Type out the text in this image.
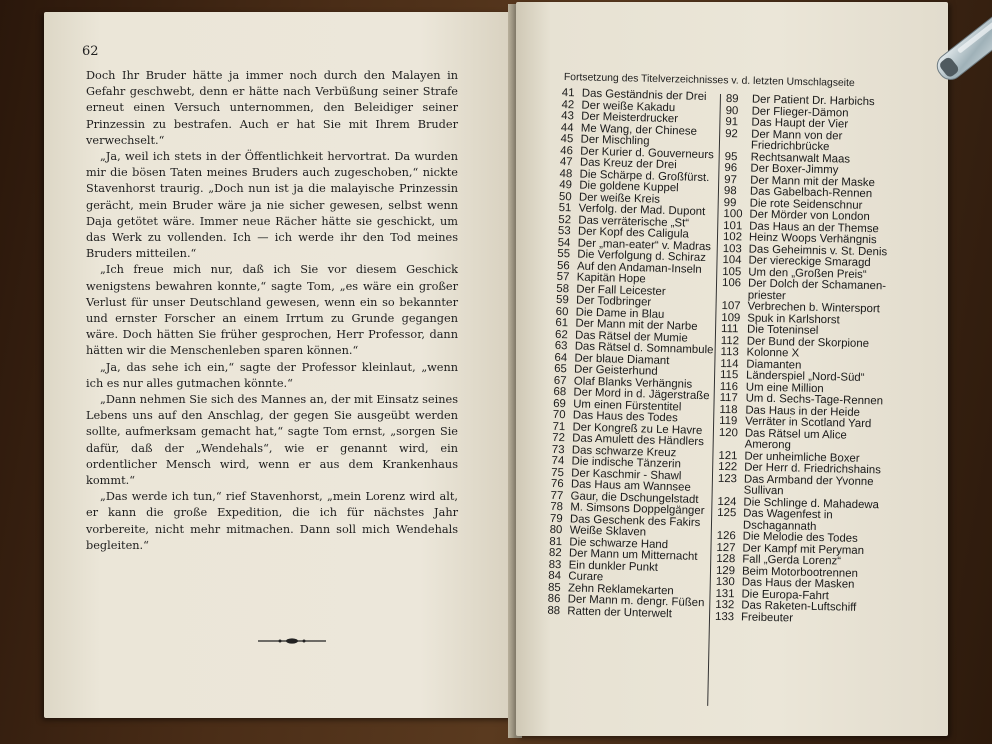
62

Doch Ihr Bruder hätte ja immer noch durch den Malayen in Gefahr geschwebt, denn er hätte nach Verbüßung seiner Strafe erneut einen Versuch unternommen, den Beleidiger seiner Prinzessin zu bestrafen. Auch er hat Sie mit Ihrem Bruder verwechselt.“

„Ja, weil ich stets in der Öffentlichkeit hervortrat. Da wurden mir die bösen Taten meines Bruders auch zugeschoben,“ nickte Stavenhorst traurig. „Doch nun ist ja die malayische Prinzessin gerächt, mein Bruder wäre ja nie sicher gewesen, selbst wenn Daja getötet wäre. Immer neue Rächer hätte sie geschickt, um das Werk zu vollenden. Ich — ich werde ihr den Tod meines Bruders mitteilen.“

„Ich freue mich nur, daß ich Sie vor diesem Geschick wenigstens bewahren konnte,“ sagte Tom, „es wäre ein großer Verlust für unser Deutschland gewesen, wenn ein so bekannter und ernster Forscher an einem Irrtum zu Grunde gegangen wäre. Doch hätten Sie früher gesprochen, Herr Professor, dann hätten wir die Menschenleben sparen können.“

„Ja, das sehe ich ein,“ sagte der Professor kleinlaut, „wenn ich es nur alles gutmachen könnte.“

„Dann nehmen Sie sich des Mannes an, der mit Einsatz seines Lebens uns auf den Anschlag, der gegen Sie ausgeübt werden sollte, aufmerksam gemacht hat,“ sagte Tom ernst, „sorgen Sie dafür, daß der „Wendehals“, wie er genannt wird, ein ordentlicher Mensch wird, wenn er aus dem Krankenhaus kommt.“

„Das werde ich tun,“ rief Stavenhorst, „mein Lorenz wird alt, er kann die große Expedition, die ich für nächstes Jahr vorbereite, nicht mehr mitmachen. Dann soll mich Wendehals begleiten.“

Fortsetzung des Titelverzeichnisses v. d. letzten Umschlagseite
41 Das Geständnis der Drei
42 Der weiße Kakadu
43 Der Meisterdrucker
44 Me Wang, der Chinese
45 Der Mischling
46 Der Kurier d. Gouverneurs
47 Das Kreuz der Drei
48 Die Schärpe d. Großfürst.
49 Die goldene Kuppel
50 Der weiße Kreis
51 Verfolg. der Mad. Dupont
52 Das verräterische „St“
53 Der Kopf des Caligula
54 Der „man-eater“ v. Madras
55 Die Verfolgung d. Schiraz
56 Auf den Andaman-Inseln
57 Kapitän Hope
58 Der Fall Leicester
59 Der Todbringer
60 Die Dame in Blau
61 Der Mann mit der Narbe
62 Das Rätsel der Mumie
63 Das Rätsel d. Somnambule
64 Der blaue Diamant
65 Der Geisterhund
67 Olaf Blanks Verhängnis
68 Der Mord in d. Jägerstraße
69 Um einen Fürstentitel
70 Das Haus des Todes
71 Der Kongreß zu Le Havre
72 Das Amulett des Händlers
73 Das schwarze Kreuz
74 Die indische Tänzerin
75 Der Kaschmir - Shawl
76 Das Haus am Wannsee
77 Gaur, die Dschungelstadt
78 M. Simsons Doppelgänger
79 Das Geschenk des Fakirs
80 Weiße Sklaven
81 Die schwarze Hand
82 Der Mann um Mitternacht
83 Ein dunkler Punkt
84 Curare
85 Zehn Reklamekarten
86 Der Mann m. dengr. Füßen
88 Ratten der Unterwelt
89 Der Patient Dr. Harbichs
90 Der Flieger-Dämon
91 Das Haupt der Vier
92 Der Mann von der
Friedrichbrücke
95 Rechtsanwalt Maas
96 Der Boxer-Jimmy
97 Der Mann mit der Maske
98 Das Gabelbach-Rennen
99 Die rote Seidenschnur
100 Der Mörder von London
101 Das Haus an der Themse
102 Heinz Woops Verhängnis
103 Das Geheimnis v. St. Denis
104 Der viereckige Smaragd
105 Um den „Großen Preis“
106 Der Dolch der Schamanen-
priester
107 Verbrechen b. Wintersport
109 Spuk in Karlshorst
111 Die Toteninsel
112 Der Bund der Skorpione
113 Kolonne X
114 Diamanten
115 Länderspiel „Nord-Süd“
116 Um eine Million
117 Um d. Sechs-Tage-Rennen
118 Das Haus in der Heide
119 Verräter in Scotland Yard
120 Das Rätsel um Alice
Amerong
121 Der unheimliche Boxer
122 Der Herr d. Friedrichshains
123 Das Armband der Yvonne
Sullivan
124 Die Schlinge d. Mahadewa
125 Das Wagenfest in
Dschagannath
126 Die Melodie des Todes
127 Der Kampf mit Peryman
128 Fall „Gerda Lorenz“
129 Beim Motorbootrennen
130 Das Haus der Masken
131 Die Europa-Fahrt
132 Das Raketen-Luftschiff
133 Freibeuter
